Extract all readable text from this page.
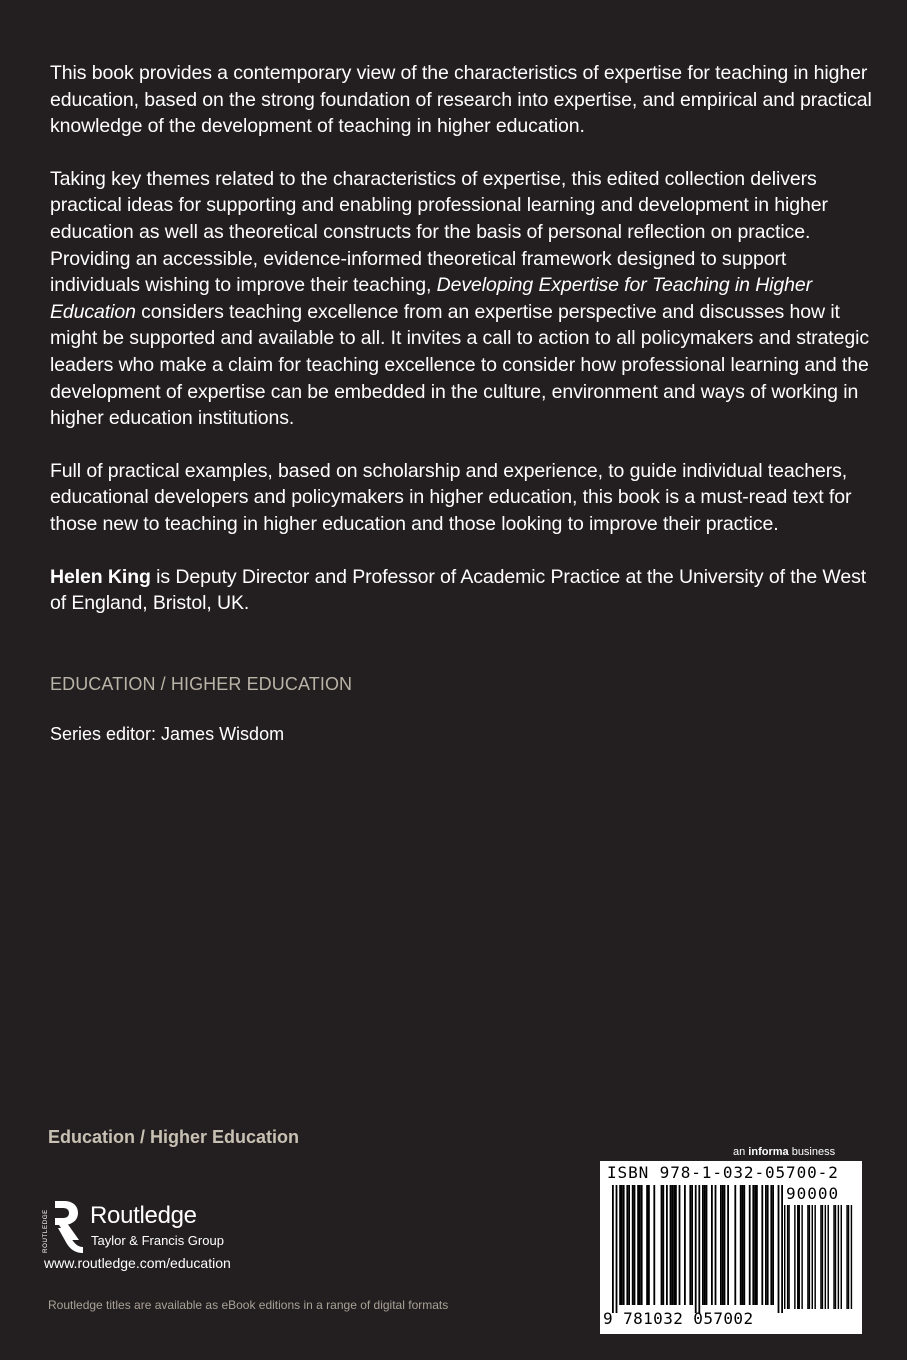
This book provides a contemporary view of the characteristics of expertise for teaching in higher education, based on the strong foundation of research into expertise, and empirical and practical knowledge of the development of teaching in higher education.

Taking key themes related to the characteristics of expertise, this edited collection delivers practical ideas for supporting and enabling professional learning and development in higher education as well as theoretical constructs for the basis of personal reflection on practice. Providing an accessible, evidence-informed theoretical framework designed to support individuals wishing to improve their teaching, Developing Expertise for Teaching in Higher Education considers teaching excellence from an expertise perspective and discusses how it might be supported and available to all. It invites a call to action to all policymakers and strategic leaders who make a claim for teaching excellence to consider how professional learning and the development of expertise can be embedded in the culture, environment and ways of working in higher education institutions.

Full of practical examples, based on scholarship and experience, to guide individual teachers, educational developers and policymakers in higher education, this book is a must-read text for those new to teaching in higher education and those looking to improve their practice.

Helen King is Deputy Director and Professor of Academic Practice at the University of the West of England, Bristol, UK.

EDUCATION / HIGHER EDUCATION
Series editor: James Wisdom
Education / Higher Education
ROUTLEDGE Routledge
Taylor & Francis Group
www.routledge.com/education
Routledge titles are available as eBook editions in a range of digital formats
an informa business
ISBN 978-1-032-05700-2
90000
9 781032 057002
